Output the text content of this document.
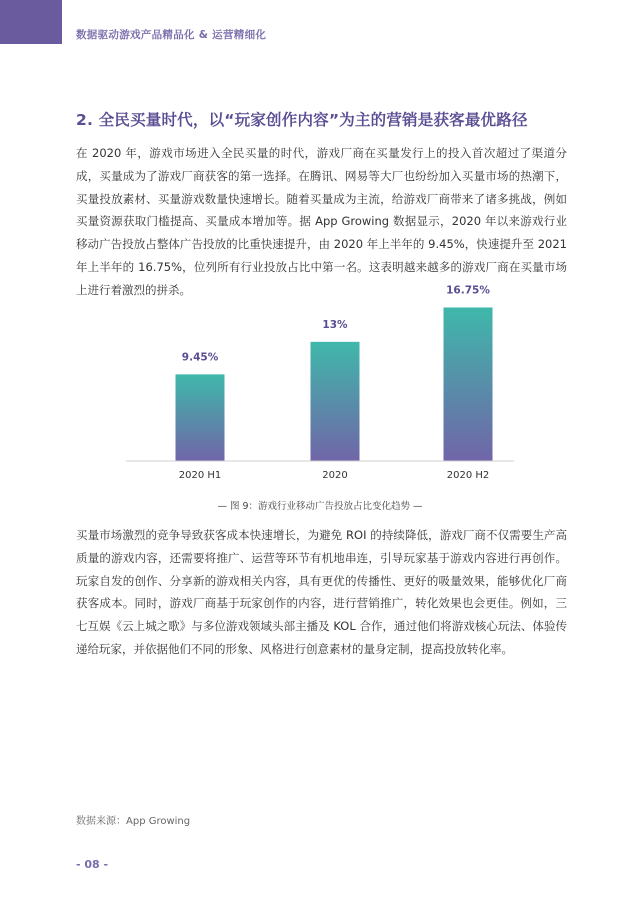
数据驱动游戏产品精品化 & 运营精细化
2. 全民买量时代，以“玩家创作内容”为主的营销是获客最优路径

在 2020 年，游戏市场进入全民买量的时代，游戏厂商在买量发行上的投入首次超过了渠道分成，买量成为了游戏厂商获客的第一选择。在腾讯、网易等大厂也纷纷加入买量市场的热潮下，买量投放素材、买量游戏数量快速增长。随着买量成为主流，给游戏厂商带来了诸多挑战，例如买量资源获取门槛提高、买量成本增加等。据 App Growing 数据显示，2020 年以来游戏行业移动广告投放占整体广告投放的比重快速提升，由 2020 年上半年的 9.45%，快速提升至 2021 年上半年的 16.75%，位列所有行业投放占比中第一名。这表明越来越多的游戏厂商在买量市场上进行着激烈的拼杀。

9.45%
2020 H1
13%
2020
16.75%
2020 H2
— 图 9：游戏行业移动广告投放占比变化趋势 —

买量市场激烈的竞争导致获客成本快速增长，为避免 ROI 的持续降低，游戏厂商不仅需要生产高质量的游戏内容，还需要将推广、运营等环节有机地串连，引导玩家基于游戏内容进行再创作。玩家自发的创作、分享新的游戏相关内容，具有更优的传播性、更好的吸量效果，能够优化厂商获客成本。同时，游戏厂商基于玩家创作的内容，进行营销推广，转化效果也会更佳。例如，三七互娱《云上城之歌》与多位游戏领域头部主播及 KOL 合作，通过他们将游戏核心玩法、体验传递给玩家，并依据他们不同的形象、风格进行创意素材的量身定制，提高投放转化率。

数据来源：App Growing
- 08 -
